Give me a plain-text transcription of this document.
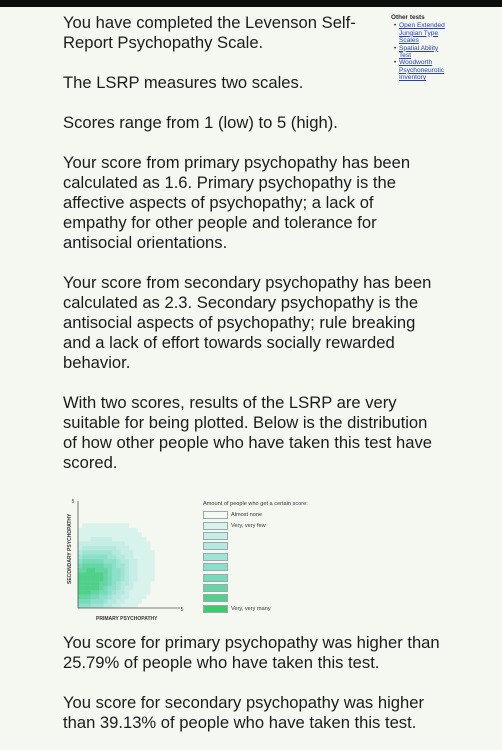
You have completed the Levenson Self-Report Psychopathy Scale.

The LSRP measures two scales.

Scores range from 1 (low) to 5 (high).

Your score from primary psychopathy has been calculated as 1.6. Primary psychopathy is the affective aspects of psychopathy; a lack of empathy for other people and tolerance for antisocial orientations.

Your score from secondary psychopathy has been calculated as 2.3. Secondary psychopathy is the antisocial aspects of psychopathy; rule breaking and a lack of effort towards socially rewarded behavior.

With two scores, results of the LSRP are very suitable for being plotted. Below is the distribution of how other people who have taken this test have scored.

Other tests
• Open Extended Jungian Type Scales
• Spatial Ability Test
• Woodworth Psychoneurotic Inventory
5
5
PRIMARY PSYCHOPATHY
SECONDARY PSYCHOPATHY
Amount of people who get a certain score:
Almost none
Very, very few
Very, very many

You score for primary psychopathy was higher than 25.79% of people who have taken this test.

You score for secondary psychopathy was higher than 39.13% of people who have taken this test.
